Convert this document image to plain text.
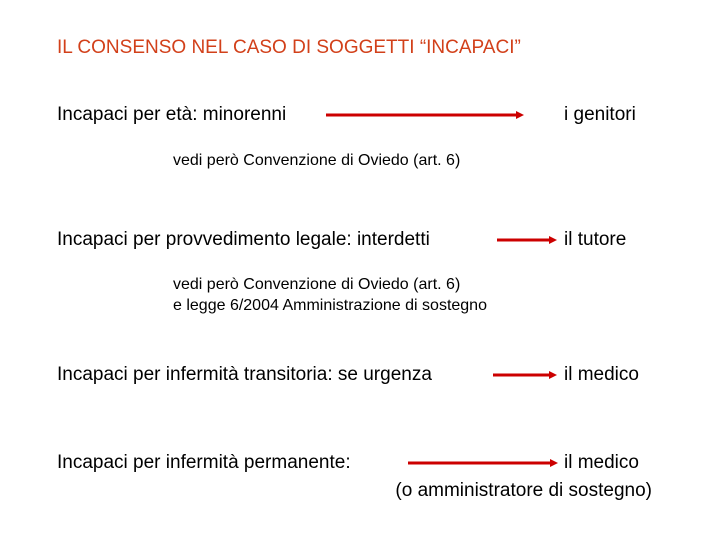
IL CONSENSO NEL CASO DI SOGGETTI “INCAPACI”
Incapaci per età: minorenni	i genitori
vedi però Convenzione di Oviedo (art. 6)
Incapaci per provvedimento legale: interdetti	il tutore
vedi però Convenzione di Oviedo (art. 6)
e legge 6/2004 Amministrazione di sostegno
Incapaci per infermità transitoria: se urgenza	il medico
Incapaci per infermità permanente:	il medico
(o amministratore di sostegno)
